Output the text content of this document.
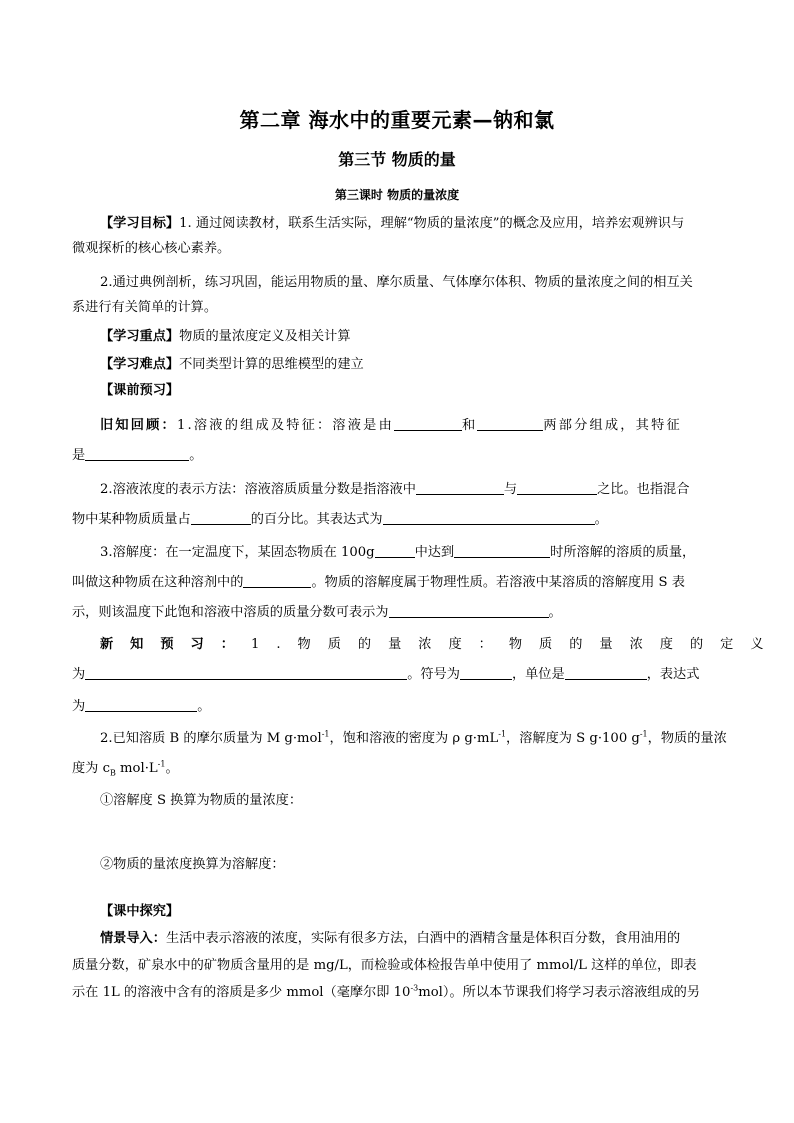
第二章 海水中的重要元素—钠和氯
第三节 物质的量
第三课时 物质的量浓度
【学习目标】1. 通过阅读教材，联系生活实际，理解“物质的量浓度”的概念及应用，培养宏观辨识与
微观探析的核心核心素养。
2.通过典例剖析，练习巩固，能运用物质的量、摩尔质量、气体摩尔体积、物质的量浓度之间的相互关
系进行有关简单的计算。
【学习重点】物质的量浓度定义及相关计算
【学习难点】不同类型计算的思维模型的建立
【课前预习】
旧知回顾：1.溶液的组成及特征：溶液是由	和	两部分组成，其特征
是	。
2.溶液浓度的表示方法：溶液溶质质量分数是指溶液中	与	之比。也指混合
物中某种物质质量占	的百分比。其表达式为	。
3.溶解度：在一定温度下，某固态物质在 100g	中达到	时所溶解的溶质的质量，
叫做这种物质在这种溶剂中的	。物质的溶解度属于物理性质。若溶液中某溶质的溶解度用 S 表
示，则该温度下此饱和溶液中溶质的质量分数可表示为	。
新知预习：1.物质的量浓度：物质的量浓度的定义
为	。符号为	，单位是	，表达式
为	。
2.已知溶质 B 的摩尔质量为 M g·mol$^{-1}$，饱和溶液的密度为 ρ $g\cdot mL^{-1}$，溶解度为 S g·100 $g^{-1}$，物质的量浓
度为 $c_B$ $mol\cdot L^{-1}$。
①溶解度 S 换算为物质的量浓度：
②物质的量浓度换算为溶解度：
【课中探究】
情景导入：生活中表示溶液的浓度，实际有很多方法，白酒中的酒精含量是体积百分数，食用油用的
质量分数，矿泉水中的矿物质含量用的是 mg/L，而检验或体检报告单中使用了 mmol/L 这样的单位，即表
示在 1L 的溶液中含有的溶质是多少 mmol（毫摩尔即 $10^{-3}mol$）。所以本节课我们将学习表示溶液组成的另
